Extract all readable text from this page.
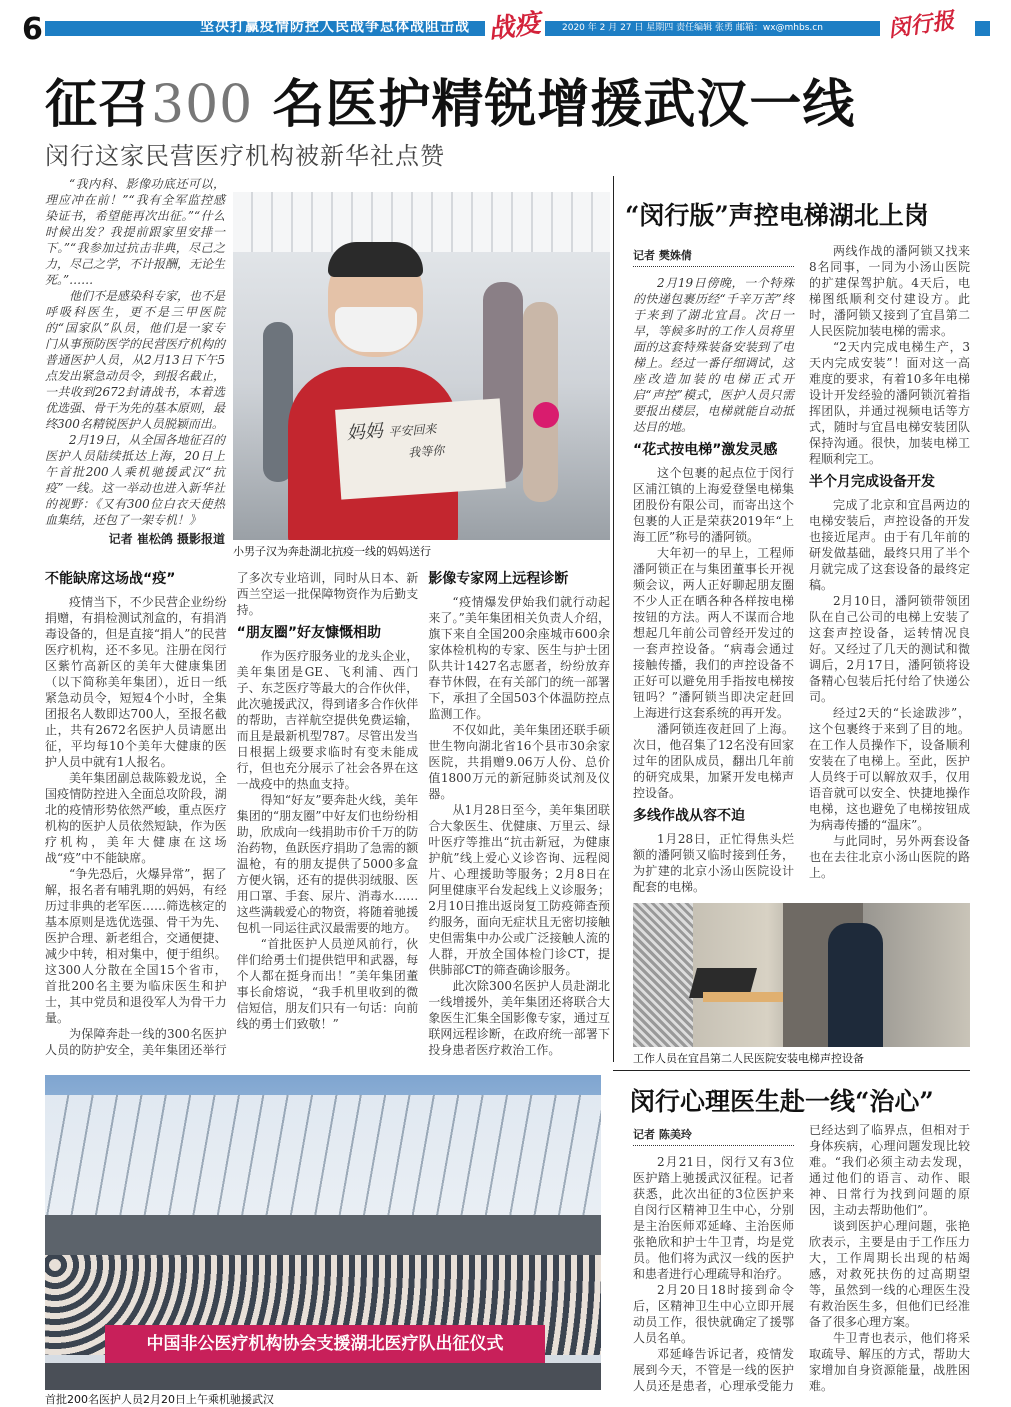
6	坚决打赢疫情防控人民战争总体战阻击战 战疫 2020 年 2 月 27 日 星期四 责任编辑 张勇 邮箱：wx@mhbs.cn	闵行报
征召300 名医护精锐增援武汉一线
闵行这家民营医疗机构被新华社点赞

“我内科、影像功底还可以，理应冲在前！”“我有全军监控感染证书，希望能再次出征。”“什么时候出发？我提前跟家里安排一下。”“我参加过抗击非典，尽己之力，尽己之学，不计报酬，无论生死。”……

他们不是感染科专家，也不是呼吸科医生，更不是三甲医院的“国家队”队员，他们是一家专门从事预防医学的民营医疗机构的普通医护人员，从2月13日下午5点发出紧急动员令，到报名截止，一共收到2672封请战书，本着选优选强、骨干为先的基本原则，最终300名精锐医护人员脱颖而出。

2月19日，从全国各地征召的医护人员陆续抵达上海，20日上午首批200人乘机驰援武汉“抗疫”一线。这一举动也进入新华社的视野：《又有300位白衣天使热血集结，还包了一架专机！》

记者 崔松鸽 摄影报道
妈妈 平安回来
我等你
小男子汉为奔赴湖北抗疫一线的妈妈送行
不能缺席这场战“疫”

疫情当下，不少民营企业纷纷捐赠，有捐检测试剂盒的，有捐消毒设备的，但是直接“捐人”的民营医疗机构，还不多见。注册在闵行区紫竹高新区的美年大健康集团（以下简称美年集团），近日一纸紧急动员令，短短4个小时，全集团报名人数即达700人，至报名截止，共有2672名医护人员请愿出征，平均每10个美年大健康的医护人员中就有1人报名。

美年集团副总裁陈毅龙说，全国疫情防控进入全面总攻阶段，湖北的疫情形势依然严峻，重点医疗机构的医护人员依然短缺，作为医疗机构，美年大健康在这场战“疫”中不能缺席。

“争先恐后，火爆异常”，据了解，报名者有哺乳期的妈妈，有经历过非典的老军医……筛选核定的基本原则是选优选强、骨干为先、医护合理、新老组合，交通便捷、减少中转，相对集中，便于组织。这300人分散在全国15个省市，首批200名主要为临床医生和护士，其中党员和退役军人为骨干力量。

为保障奔赴一线的300名医护人员的防护安全，美年集团还举行了多次专业培训，同时从日本、新西兰空运一批保障物资作为后勤支持。

“朋友圈”好友慷慨相助

作为医疗服务业的龙头企业，美年集团是GE、飞利浦、西门子、东芝医疗等最大的合作伙伴，此次驰援武汉，得到诸多合作伙伴的帮助，吉祥航空提供免费运输，而且是最新机型787。尽管出发当日根据上级要求临时有变未能成行，但也充分展示了社会各界在这一战疫中的热血支持。

得知“好友”要奔赴火线，美年集团的“朋友圈”中好友们也纷纷相助，欣成向一线捐助市价千万的防治药物，鱼跃医疗捐助了急需的额温枪，有的朋友提供了5000多盒方便火锅，还有的提供羽绒服、医用口罩、手套、尿片、消毒水……这些满载爱心的物资，将随着驰援包机一同运往武汉最需要的地方。

“首批医护人员逆风前行，伙伴们给勇士们提供铠甲和武器，每个人都在挺身而出！”美年集团董事长俞熔说，“我手机里收到的微信短信，朋友们只有一句话：向前线的勇士们致敬！”

影像专家网上远程诊断

“疫情爆发伊始我们就行动起来了。”美年集团相关负责人介绍，旗下来自全国200余座城市600余家体检机构的专家、医生与护士团队共计1427名志愿者，纷纷放弃春节休假，在有关部门的统一部署下，承担了全国503个体温防控点监测工作。

不仅如此，美年集团还联手硕世生物向湖北省16个县市30余家医院，共捐赠9.06万人份、总价值1800万元的新冠肺炎试剂及仪器。

从1月28日至今，美年集团联合大象医生、优健康、万里云、绿叶医疗等推出“抗击新冠，为健康护航”线上爱心义诊咨询、远程阅片、心理援助等服务；2月8日在阿里健康平台发起线上义诊服务；2月10日推出返岗复工防疫筛查预约服务，面向无症状且无密切接触史但需集中办公或广泛接触人流的人群，开放全国体检门诊CT，提供肺部CT的筛查确诊服务。

此次除300名医护人员赴湖北一线增援外，美年集团还将联合大象医生汇集全国影像专家，通过互联网远程诊断，在政府统一部署下投身患者医疗救治工作。

中国非公医疗机构协会支援湖北医疗队出征仪式
首批200名医护人员2月20日上午乘机驰援武汉
“闵行版”声控电梯湖北上岗
记者 樊姝倩

2月19日傍晚，一个特殊的快递包裹历经“千辛万苦”终于来到了湖北宜昌。次日一早，等候多时的工作人员将里面的这套特殊装备安装到了电梯上。经过一番仔细调试，这座改造加装的电梯正式开启“声控”模式，医护人员只需要报出楼层，电梯就能自动抵达目的地。

“花式按电梯”激发灵感

这个包裹的起点位于闵行区浦江镇的上海爱登堡电梯集团股份有限公司，而寄出这个包裹的人正是荣获2019年“上海工匠”称号的潘阿锁。

大年初一的早上，工程师潘阿锁正在与集团董事长开视频会议，两人正好聊起朋友圈不少人正在晒各种各样按电梯按钮的方法。两人不谋而合地想起几年前公司曾经开发过的一套声控设备。“病毒会通过接触传播，我们的声控设备不正好可以避免用手指按电梯按钮吗？”潘阿锁当即决定赶回上海进行这套系统的再开发。

潘阿锁连夜赶回了上海。次日，他召集了12名没有回家过年的团队成员，翻出几年前的研究成果，加紧开发电梯声控设备。

多线作战从容不迫

1月28日，正忙得焦头烂额的潘阿锁又临时接到任务，为扩建的北京小汤山医院设计配套的电梯。

两线作战的潘阿锁又找来8名同事，一同为小汤山医院的扩建保驾护航。4天后，电梯图纸顺利交付建设方。此时，潘阿锁又接到了宜昌第二人民医院加装电梯的需求。

“2天内完成电梯生产，3天内完成安装”！面对这一高难度的要求，有着10多年电梯设计开发经验的潘阿锁沉着指挥团队，并通过视频电话等方式，随时与宜昌电梯安装团队保持沟通。很快，加装电梯工程顺利完工。

半个月完成设备开发

完成了北京和宜昌两边的电梯安装后，声控设备的开发也接近尾声。由于有几年前的研发做基础，最终只用了半个月就完成了这套设备的最终定稿。

2月10日，潘阿锁带领团队在自己公司的电梯上安装了这套声控设备，运转情况良好。又经过了几天的测试和微调后，2月17日，潘阿锁将设备精心包装后托付给了快递公司。

经过2天的“长途跋涉”，这个包裹终于来到了目的地。在工作人员操作下，设备顺利安装在了电梯上。至此，医护人员终于可以解放双手，仅用语音就可以安全、快捷地操作电梯，这也避免了电梯按钮成为病毒传播的“温床”。

与此同时，另外两套设备也在去往北京小汤山医院的路上。

工作人员在宜昌第二人民医院安装电梯声控设备
闵行心理医生赴一线“治心”
记者 陈美玲

2月21日，闵行又有3位医护踏上驰援武汉征程。记者获悉，此次出征的3位医护来自闵行区精神卫生中心，分别是主治医师邓延峰、主治医师张艳欣和护士牛卫青，均是党员。他们将为武汉一线的医护和患者进行心理疏导和治疗。

2月20日18时接到命令后，区精神卫生中心立即开展动员工作，很快就确定了援鄂人员名单。

邓延峰告诉记者，疫情发展到今天，不管是一线的医护人员还是患者，心理承受能力已经达到了临界点，但相对于身体疾病，心理问题发现比较难。“我们必须主动去发现，通过他们的语言、动作、眼神、日常行为找到问题的原因，主动去帮助他们”。

谈到医护心理问题，张艳欣表示，主要是由于工作压力大，工作周期长出现的枯竭感，对救死扶伤的过高期望等，虽然到一线的心理医生没有救治医生多，但他们已经准备了很多心理方案。

牛卫青也表示，他们将采取疏导、解压的方式，帮助大家增加自身资源能量，战胜困难。
